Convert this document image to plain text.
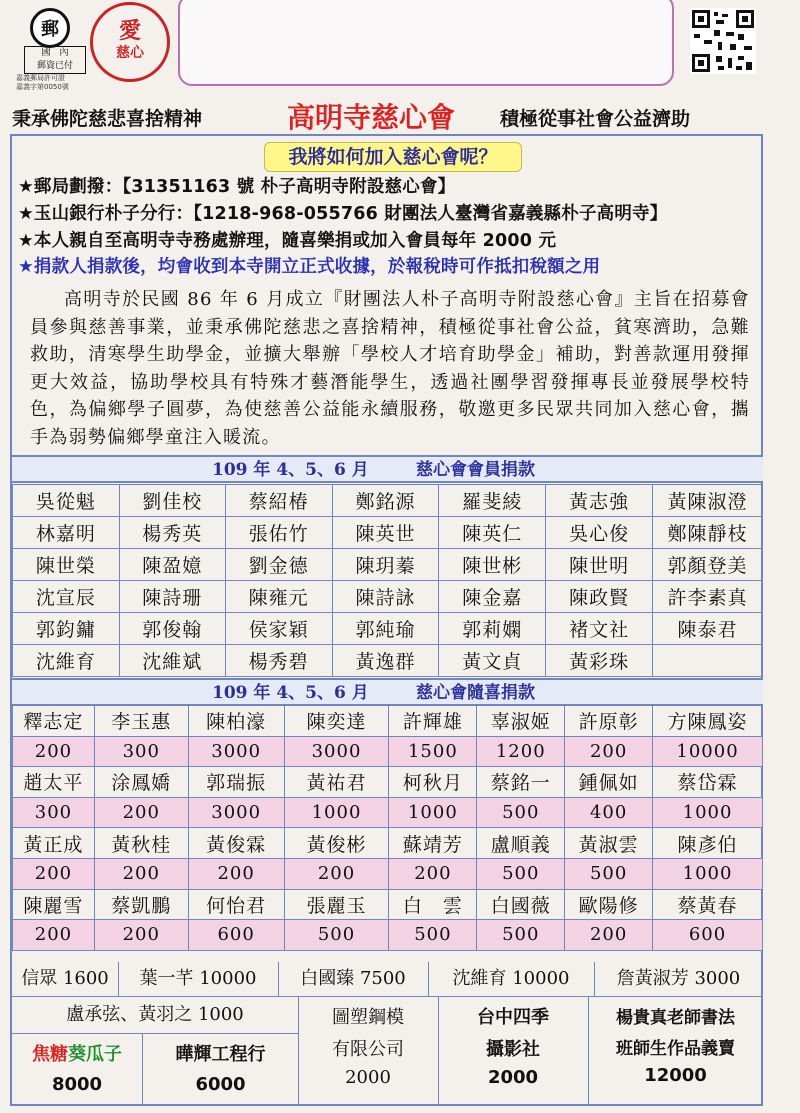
郵
國　內
郵資已付
嘉義郵局許可證
嘉義字第0050號
愛
慈心
秉承佛陀慈悲喜捨精神	高明寺慈心會 積極從事社會公益濟助
我將如何加入慈心會呢？
★郵局劃撥：【31351163 號 朴子高明寺附設慈心會】
★玉山銀行朴子分行：【1218-968-055766 財團法人臺灣省嘉義縣朴子高明寺】
★本人親自至高明寺寺務處辦理，隨喜樂捐或加入會員每年 2000 元
★捐款人捐款後，均會收到本寺開立正式收據，於報稅時可作抵扣稅額之用

高明寺於民國 86 年 6 月成立『財團法人朴子高明寺附設慈心會』主旨在招募會員參與慈善事業，並秉承佛陀慈悲之喜捨精神，積極從事社會公益，貧寒濟助，急難救助，清寒學生助學金，並擴大舉辦「學校人才培育助學金」補助，對善款運用發揮更大效益，協助學校具有特殊才藝潛能學生，透過社團學習發揮專長並發展學校特色，為偏鄉學子圓夢，為使慈善公益能永續服務，敬邀更多民眾共同加入慈心會，攜手為弱勢偏鄉學童注入暖流。

109 年 4、5、6 月	慈心會會員捐款
吳從魁	劉佳校	蔡紹椿	鄭銘源	羅斐綾	黃志強	黃陳淑澄
林嘉明	楊秀英	張佑竹	陳英世	陳英仁	吳心俊	鄭陳靜枝
陳世榮	陳盈嬑	劉金德	陳玥蓁	陳世彬	陳世明	郭顏登美
沈宣辰	陳詩珊	陳雍元	陳詩詠	陳金嘉	陳政賢	許李素真
郭鈞鏞	郭俊翰	侯家穎	郭純瑜	郭莉嫻	褚文社	陳泰君
沈維育	沈維斌	楊秀碧	黃逸群	黃文貞	黃彩珠	
109 年 4、5、6 月	慈心會隨喜捐款
釋志定	李玉惠	陳柏濠	陳奕達	許輝雄	辜淑姬	許原彰	方陳鳳姿
200	300	3000	3000	1500	1200	200	10000
趙太平	涂鳳嬌	郭瑞振	黃祐君	柯秋月	蔡銘一	鍾佩如	蔡岱霖
300	200	3000	1000	1000	500	400	1000
黃正成	黃秋桂	黃俊霖	黃俊彬	蘇靖芳	盧順義	黃淑雲	陳彥伯
200	200	200	200	200	500	500	1000
陳麗雪	蔡凱鵬	何怡君	張麗玉	白　雲	白國薇	歐陽修	蔡黃春
200	200	600	500	500	500	200	600
信眾 1600	葉一芊 10000	白國臻 7500	沈維育 10000	詹黃淑芳 3000
盧承弦、黃羽之 1000
焦糖葵瓜子
8000
曄輝工程行
6000
圖塑鋼模
有限公司
2000
台中四季
攝影社
2000
楊貴真老師書法
班師生作品義賣
12000
